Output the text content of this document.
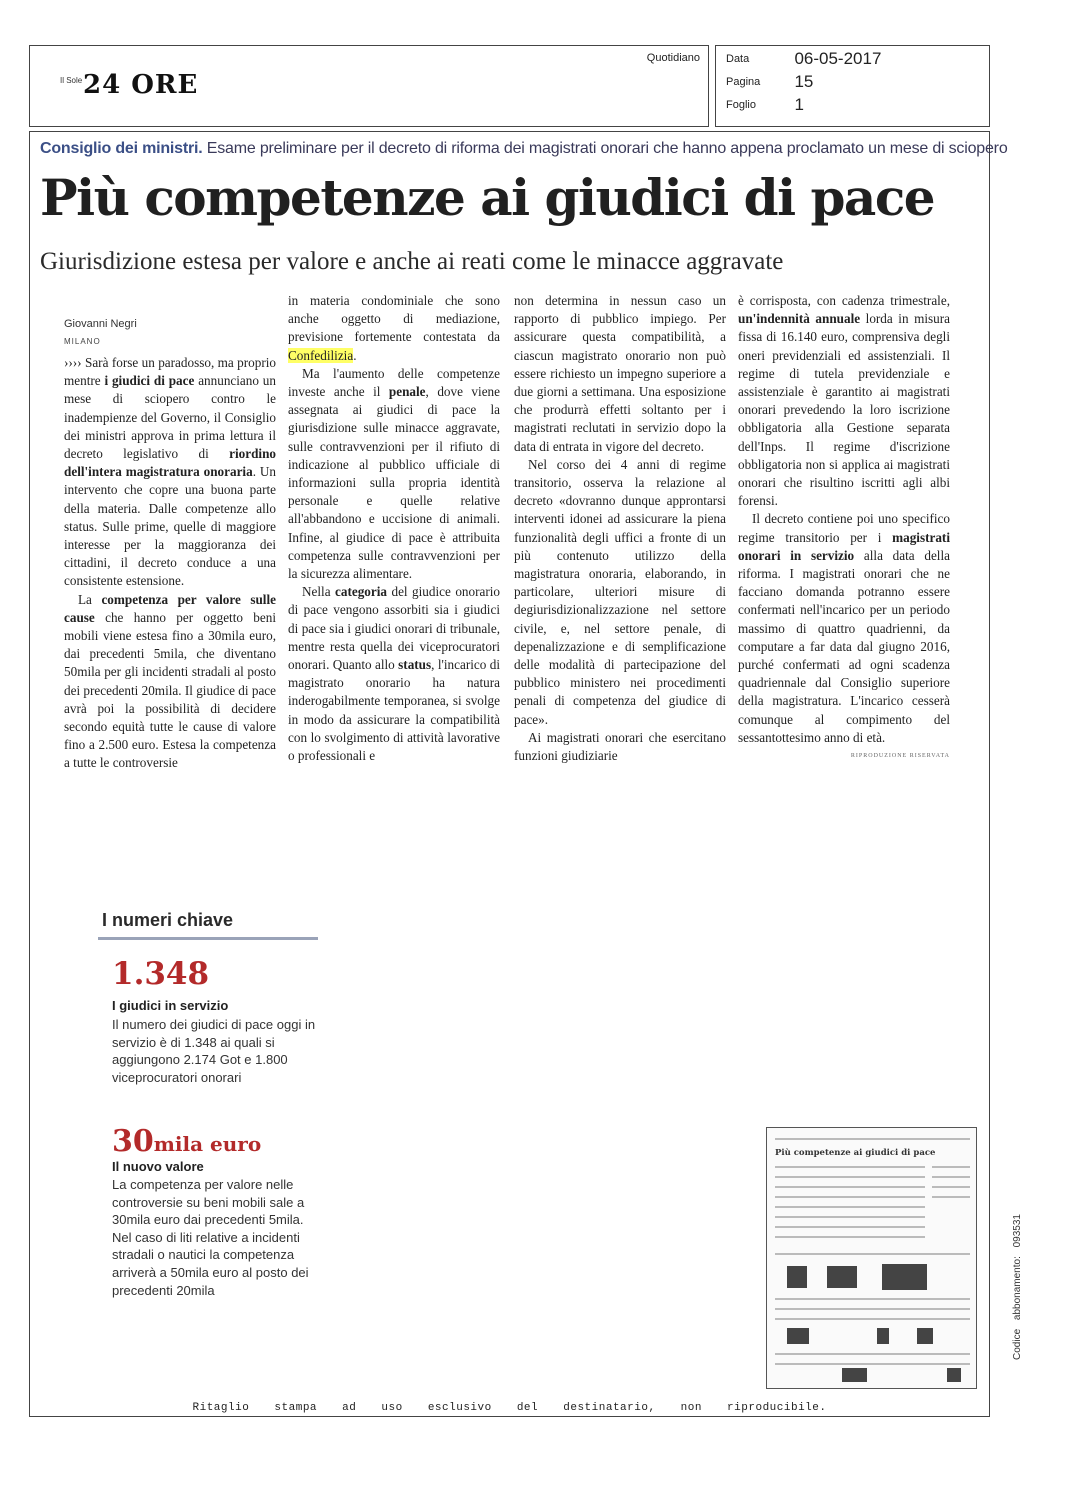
Il Sole 24 ORE
Quotidiano Data	06-05-2017
Pagina 15
Foglio 1
Consiglio dei ministri. Esame preliminare per il decreto di riforma dei magistrati onorari che hanno appena proclamato un mese di sciopero
Più competenze ai giudici di pace
Giurisdizione estesa per valore e anche ai reati come le minacce aggravate
Giovanni Negri
MILANO

›››› Sarà forse un paradosso, ma proprio mentre i giudici di pace annunciano un mese di sciopero contro le inadempienze del Governo, il Consiglio dei ministri approva in prima lettura il decreto legislativo di riordino dell'intera magistratura onoraria. Un intervento che copre una buona parte della materia. Dalle competenze allo status. Sulle prime, quelle di maggiore interesse per la maggioranza dei cittadini, il decreto conduce a una consistente estensione.

La competenza per valore sulle cause che hanno per oggetto beni mobili viene estesa fino a 30mila euro, dai precedenti 5mila, che diventano 50mila per gli incidenti stradali al posto dei precedenti 20mila. Il giudice di pace avrà poi la possibilità di decidere secondo equità tutte le cause di valore fino a 2.500 euro. Estesa la competenza a tutte le controversie

in materia condominiale che sono anche oggetto di mediazione, previsione fortemente contestata da Confedilizia.

Ma l'aumento delle competenze investe anche il penale, dove viene assegnata ai giudici di pace la giurisdizione sulle minacce aggravate, sulle contravvenzioni per il rifiuto di indicazione al pubblico ufficiale di informazioni sulla propria identità personale e quelle relative all'abbandono e uccisione di animali. Infine, al giudice di pace è attribuita competenza sulle contravvenzioni per la sicurezza alimentare.

Nella categoria del giudice onorario di pace vengono assorbiti sia i giudici di pace sia i giudici onorari di tribunale, mentre resta quella dei viceprocuratori onorari. Quanto allo status, l'incarico di magistrato onorario ha natura inderogabilmente temporanea, si svolge in modo da assicurare la compatibilità con lo svolgimento di attività lavorative o professionali e

non determina in nessun caso un rapporto di pubblico impiego. Per assicurare questa compatibilità, a ciascun magistrato onorario non può essere richiesto un impegno superiore a due giorni a settimana. Una esposizione che produrrà effetti soltanto per i magistrati reclutati in servizio dopo la data di entrata in vigore del decreto.

Nel corso dei 4 anni di regime transitorio, osserva la relazione al decreto «dovranno dunque approntarsi interventi idonei ad assicurare la piena funzionalità degli uffici a fronte di un più contenuto utilizzo della magistratura onoraria, elaborando, in particolare, ulteriori misure di degiurisdizionalizzazione nel settore civile, e, nel settore penale, di depenalizzazione e di semplificazione delle modalità di partecipazione del pubblico ministero nei procedimenti penali di competenza del giudice di pace».

Ai magistrati onorari che esercitano funzioni giudiziarie

è corrisposta, con cadenza trimestrale, un'indennità annuale lorda in misura fissa di 16.140 euro, comprensiva degli oneri previdenziali ed assistenziali. Il regime di tutela previdenziale e assistenziale è garantito ai magistrati onorari prevedendo la loro iscrizione obbligatoria alla Gestione separata dell'Inps. Il regime d'iscrizione obbligatoria non si applica ai magistrati onorari che risultino iscritti agli albi forensi.

Il decreto contiene poi uno specifico regime transitorio per i magistrati onorari in servizio alla data della riforma. I magistrati onorari che ne facciano domanda potranno essere confermati nell'incarico per un periodo massimo di quattro quadrienni, da computare a far data dal giugno 2016, purché confermati ad ogni scadenza quadriennale dal Consiglio superiore della magistratura. L'incarico cesserà comunque al compimento del sessantottesimo anno di età.

RIPRODUZIONE RISERVATA

I numeri chiave
1.348
I giudici in servizio
Il numero dei giudici di pace oggi in servizio è di 1.348 ai quali si aggiungono 2.174 Got e 1.800 viceprocuratori onorari
30mila euro
Il nuovo valore
La competenza per valore nelle controversie su beni mobili sale a 30mila euro dai precedenti 5mila. Nel caso di liti relative a incidenti stradali o nautici la competenza arriverà a 50mila euro al posto dei precedenti 20mila
Più competenze ai giudici di pace
Ritaglio stampa ad uso esclusivo del destinatario, non riproducibile.
Codice abbonamento: 093531
